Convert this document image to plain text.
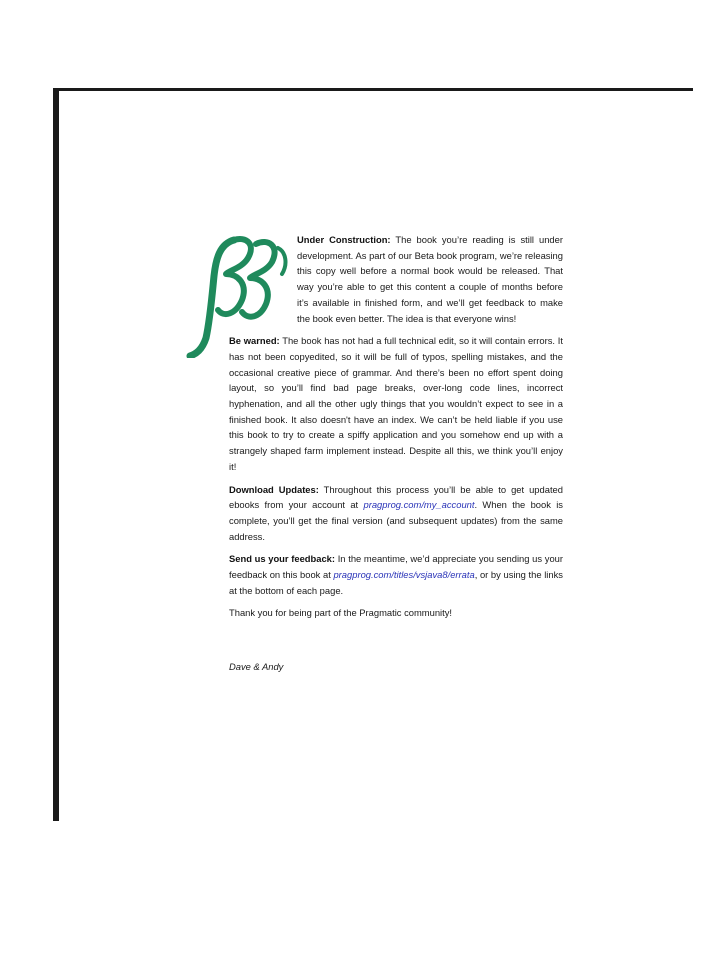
Under Construction: The book you’re reading is still under development. As part of our Beta book program, we’re releasing this copy well before a normal book would be released. That way you’re able to get this content a couple of months before it’s available in finished form, and we’ll get feedback to make the book even better. The idea is that everyone wins!

Be warned: The book has not had a full technical edit, so it will contain errors. It has not been copyedited, so it will be full of typos, spelling mistakes, and the occasional creative piece of grammar. And there’s been no effort spent doing layout, so you’ll find bad page breaks, over-long code lines, incorrect hyphenation, and all the other ugly things that you wouldn’t expect to see in a finished book. It also doesn't have an index. We can’t be held liable if you use this book to try to create a spiffy application and you somehow end up with a strangely shaped farm implement instead. Despite all this, we think you’ll enjoy it!

Download Updates: Throughout this process you’ll be able to get updated ebooks from your account at pragprog.com/my_account. When the book is complete, you’ll get the final version (and subsequent updates) from the same address.

Send us your feedback: In the meantime, we’d appreciate you sending us your feedback on this book at pragprog.com/titles/vsjava8/errata, or by using the links at the bottom of each page.

Thank you for being part of the Pragmatic community!

Dave & Andy
